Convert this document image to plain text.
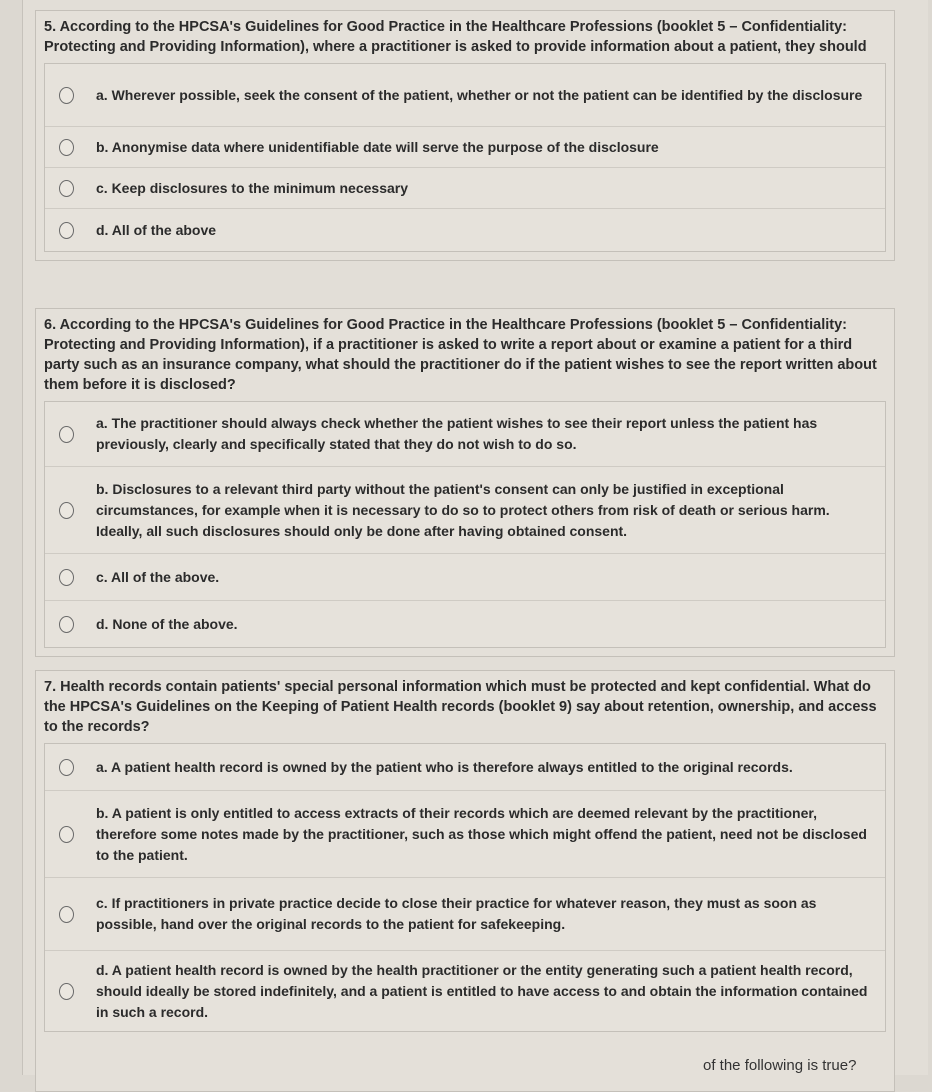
5. According to the HPCSA's Guidelines for Good Practice in the Healthcare Professions (booklet 5 – Confidentiality: Protecting and Providing Information), where a practitioner is asked to provide information about a patient, they should
a. Wherever possible, seek the consent of the patient, whether or not the patient can be identified by the disclosure
b. Anonymise data where unidentifiable date will serve the purpose of the disclosure
c. Keep disclosures to the minimum necessary
d. All of the above
6. According to the HPCSA's Guidelines for Good Practice in the Healthcare Professions (booklet 5 – Confidentiality: Protecting and Providing Information), if a practitioner is asked to write a report about or examine a patient for a third party such as an insurance company, what should the practitioner do if the patient wishes to see the report written about them before it is disclosed?
a. The practitioner should always check whether the patient wishes to see their report unless the patient has previously, clearly and specifically stated that they do not wish to do so.
b. Disclosures to a relevant third party without the patient's consent can only be justified in exceptional circumstances, for example when it is necessary to do so to protect others from risk of death or serious harm. Ideally, all such disclosures should only be done after having obtained consent.
c. All of the above.
d. None of the above.
7. Health records contain patients' special personal information which must be protected and kept confidential. What do the HPCSA's Guidelines on the Keeping of Patient Health records (booklet 9) say about retention, ownership, and access to the records?
a. A patient health record is owned by the patient who is therefore always entitled to the original records.
b. A patient is only entitled to access extracts of their records which are deemed relevant by the practitioner, therefore some notes made by the practitioner, such as those which might offend the patient, need not be disclosed to the patient.
c. If practitioners in private practice decide to close their practice for whatever reason, they must as soon as possible, hand over the original records to the patient for safekeeping.
d. A patient health record is owned by the health practitioner or the entity generating such a patient health record, should ideally be stored indefinitely, and a patient is entitled to have access to and obtain the information contained in such a record.
of the following is true?
